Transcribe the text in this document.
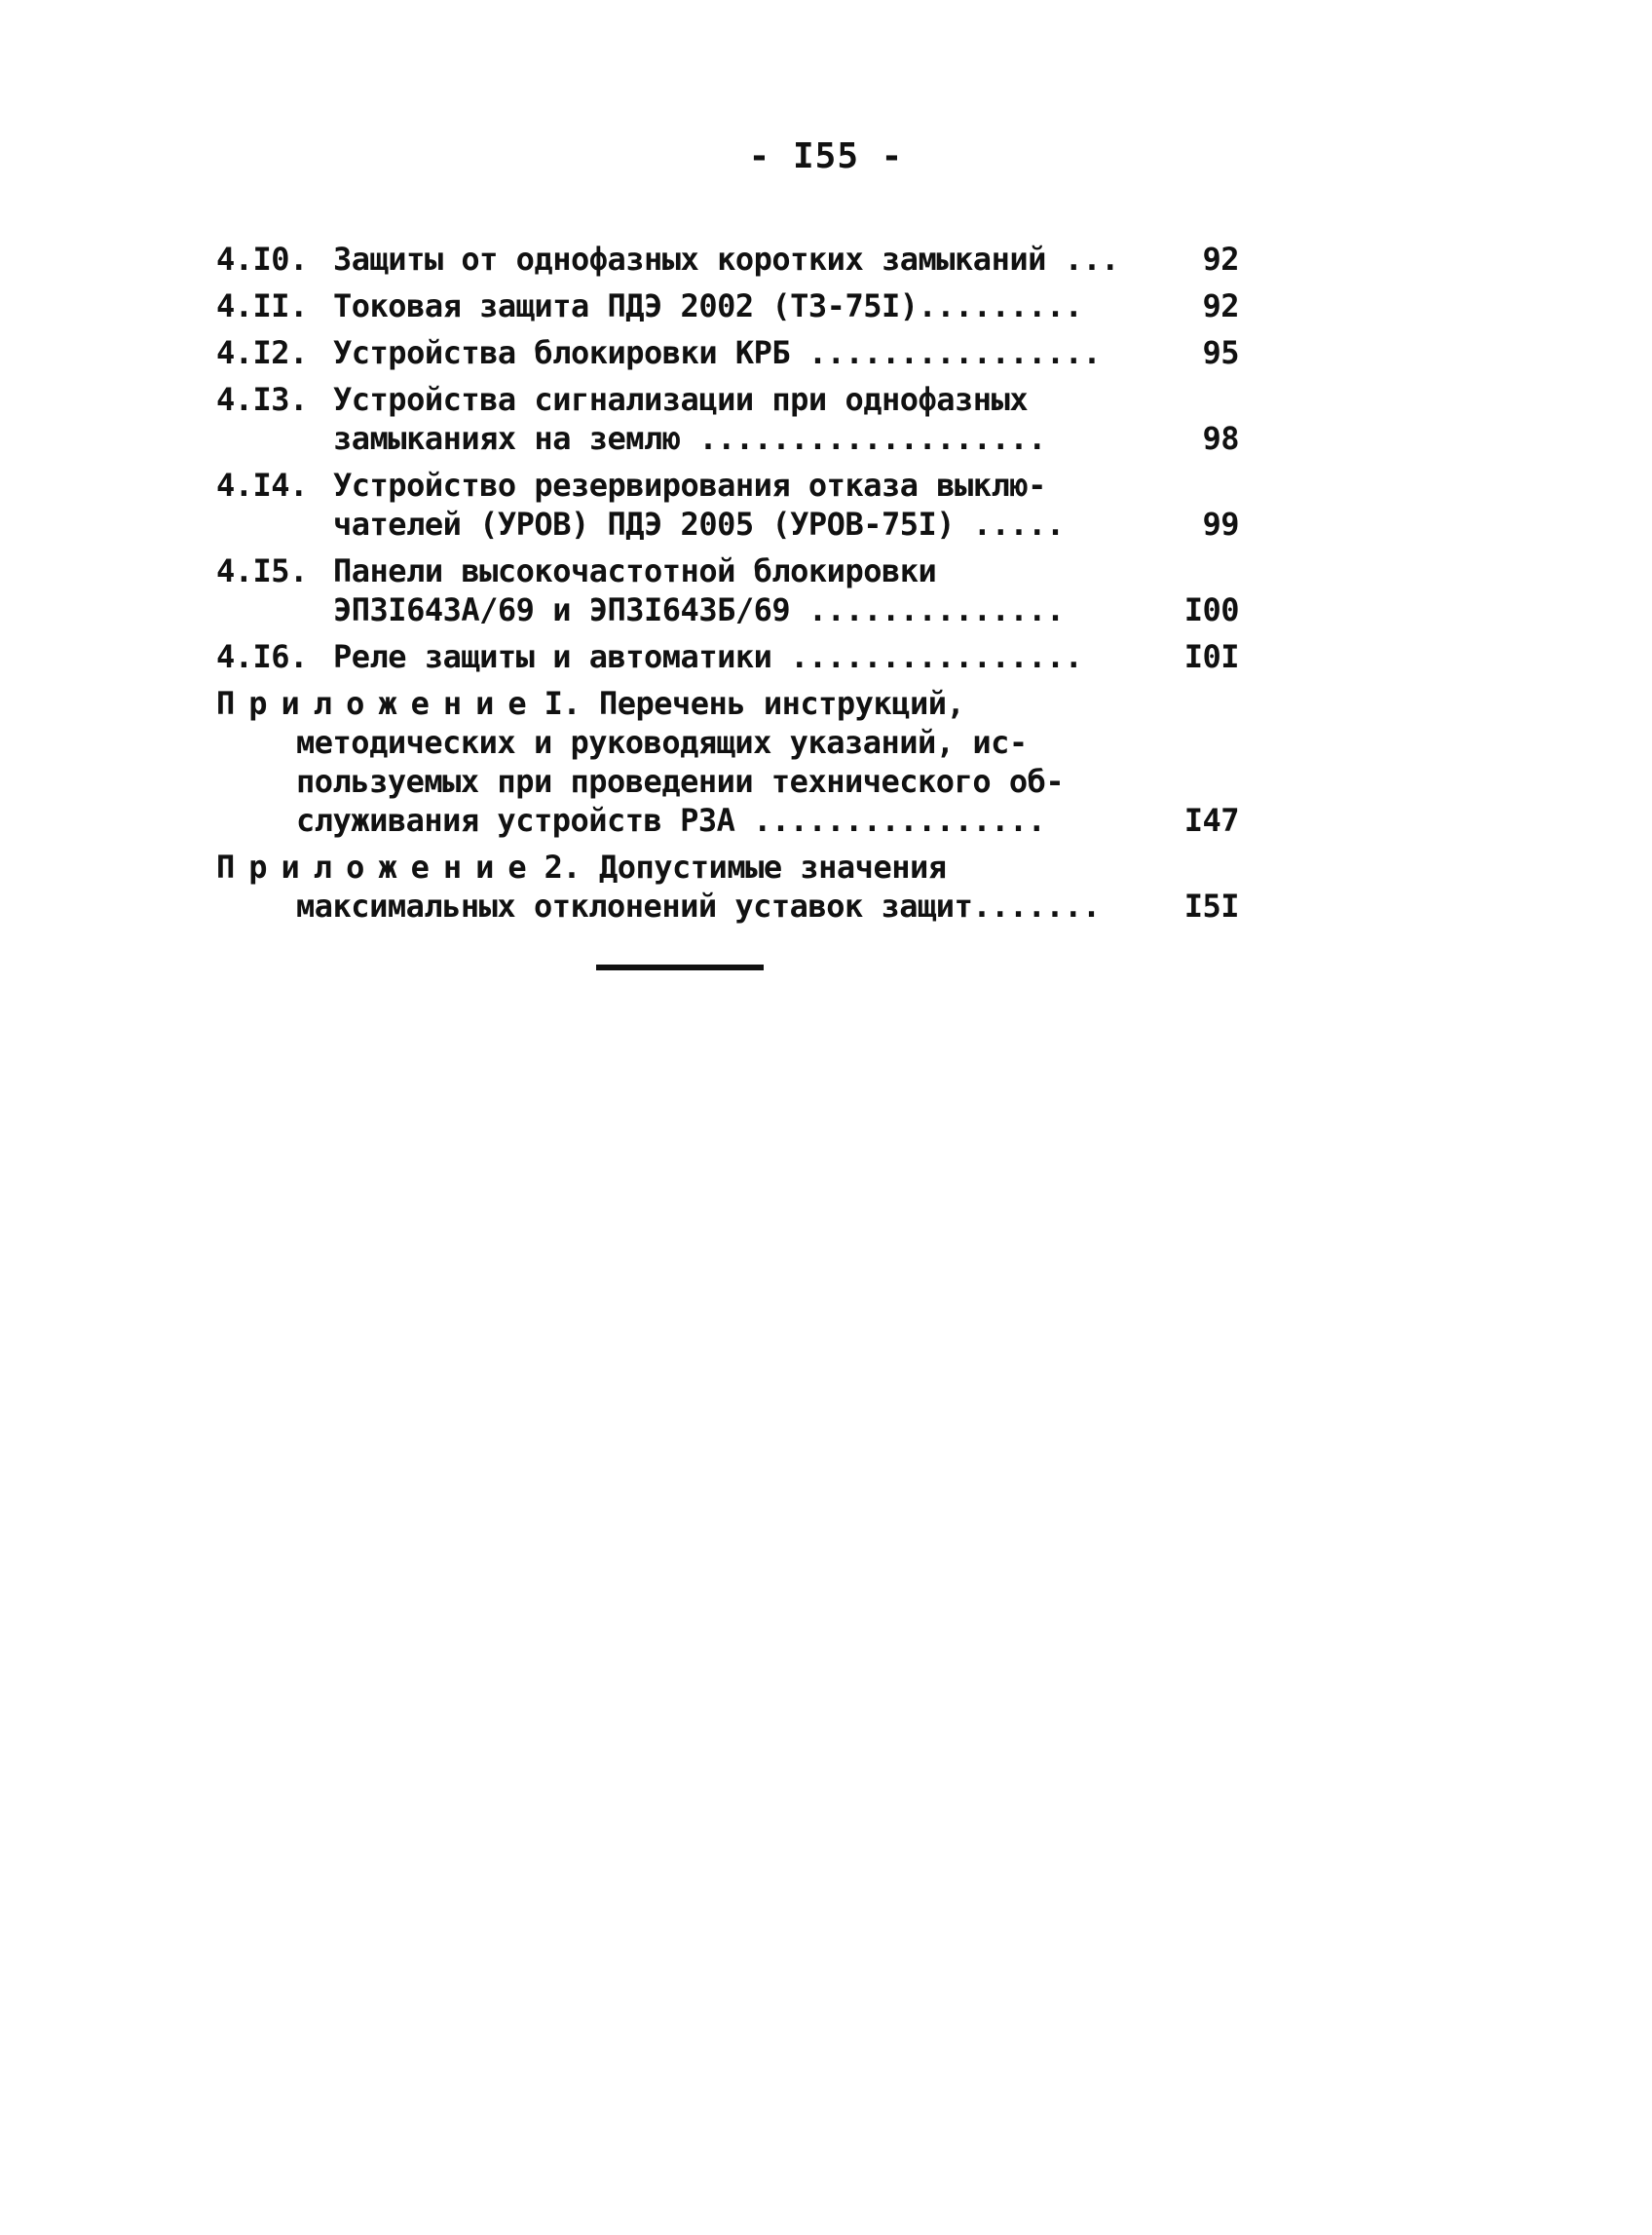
- I55 -
4.I0. Защиты от однофазных коротких замыканий ...	92
4.II. Токовая защита ПДЭ 2002 (ТЗ-75I).........	92
4.I2. Устройства блокировки КРБ ................	95
4.I3. Устройства сигнализации при однофазных
замыканиях на землю ...................	98
4.I4. Устройство резервирования отказа выклю-
чателей (УРОВ) ПДЭ 2005 (УРОВ-75I) .....	99
4.I5. Панели высокочастотной блокировки
ЭПЗI643А/69 и ЭПЗI643Б/69 ..............	I00
4.I6. Реле защиты и автоматики ................	I0I
Приложение I. Перечень инструкций,
методических и руководящих указаний, ис-
пользуемых при проведении технического об-
служивания устройств РЗА ................	I47
Приложение 2. Допустимые значения
максимальных отклонений уставок защит.......	I5I
